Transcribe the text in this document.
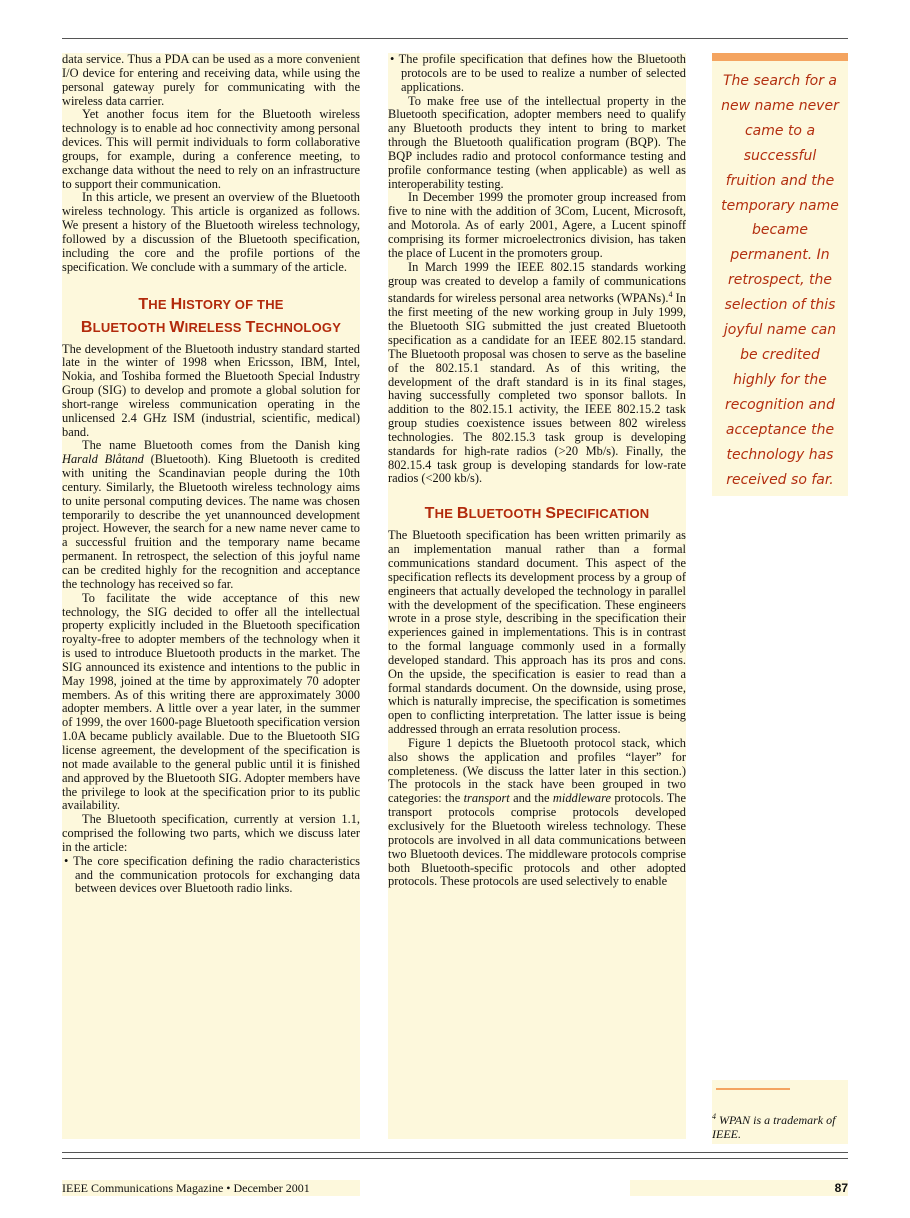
data service. Thus a PDA can be used as a more convenient I/O device for entering and receiving data, while using the personal gateway purely for communicating with the wireless data carrier.

Yet another focus item for the Bluetooth wireless technology is to enable ad hoc connectivity among personal devices. This will permit individuals to form collaborative groups, for example, during a conference meeting, to exchange data without the need to rely on an infrastructure to support their communication.

In this article, we present an overview of the Bluetooth wireless technology. This article is organized as follows. We present a history of the Bluetooth wireless technology, followed by a discussion of the Bluetooth specification, including the core and the profile portions of the specification. We conclude with a summary of the article.

THE HISTORY OF THE
BLUETOOTH WIRELESS TECHNOLOGY

The development of the Bluetooth industry standard started late in the winter of 1998 when Ericsson, IBM, Intel, Nokia, and Toshiba formed the Bluetooth Special Industry Group (SIG) to develop and promote a global solution for short-range wireless communication operating in the unlicensed 2.4 GHz ISM (industrial, scientific, medical) band.

The name Bluetooth comes from the Danish king Harald Blåtand (Bluetooth). King Bluetooth is credited with uniting the Scandinavian people during the 10th century. Similarly, the Bluetooth wireless technology aims to unite personal computing devices. The name was chosen temporarily to describe the yet unannounced development project. However, the search for a new name never came to a successful fruition and the temporary name became permanent. In retrospect, the selection of this joyful name can be credited highly for the recognition and acceptance the technology has received so far.

To facilitate the wide acceptance of this new technology, the SIG decided to offer all the intellectual property explicitly included in the Bluetooth specification royalty-free to adopter members of the technology when it is used to introduce Bluetooth products in the market. The SIG announced its existence and intentions to the public in May 1998, joined at the time by approximately 70 adopter members. As of this writing there are approximately 3000 adopter members. A little over a year later, in the summer of 1999, the over 1600-page Bluetooth specification version 1.0A became publicly available. Due to the Bluetooth SIG license agreement, the development of the specification is not made available to the general public until it is finished and approved by the Bluetooth SIG. Adopter members have the privilege to look at the specification prior to its public availability.

The Bluetooth specification, currently at version 1.1, comprised the following two parts, which we discuss later in the article:

• The core specification defining the radio characteristics and the communication protocols for exchanging data between devices over Bluetooth radio links.

• The profile specification that defines how the Bluetooth protocols are to be used to realize a number of selected applications.

To make free use of the intellectual property in the Bluetooth specification, adopter members need to qualify any Bluetooth products they intent to bring to market through the Bluetooth qualification program (BQP). The BQP includes radio and protocol conformance testing and profile conformance testing (when applicable) as well as interoperability testing.

In December 1999 the promoter group increased from five to nine with the addition of 3Com, Lucent, Microsoft, and Motorola. As of early 2001, Agere, a Lucent spinoff comprising its former microelectronics division, has taken the place of Lucent in the promoters group.

In March 1999 the IEEE 802.15 standards working group was created to develop a family of communications standards for wireless personal area networks (WPANs).$^4$ In the first meeting of the new working group in July 1999, the Bluetooth SIG submitted the just created Bluetooth specification as a candidate for an IEEE 802.15 standard. The Bluetooth proposal was chosen to serve as the baseline of the 802.15.1 standard. As of this writing, the development of the draft standard is in its final stages, having successfully completed two sponsor ballots. In addition to the 802.15.1 activity, the IEEE 802.15.2 task group studies coexistence issues between 802 wireless technologies. The 802.15.3 task group is developing standards for high-rate radios (>20 Mb/s). Finally, the 802.15.4 task group is developing standards for low-rate radios (<200 kb/s).

THE BLUETOOTH SPECIFICATION

The Bluetooth specification has been written primarily as an implementation manual rather than a formal communications standard document. This aspect of the specification reflects its development process by a group of engineers that actually developed the technology in parallel with the development of the specification. These engineers wrote in a prose style, describing in the specification their experiences gained in implementations. This is in contrast to the formal language commonly used in a formally developed standard. This approach has its pros and cons. On the upside, the specification is easier to read than a formal standards document. On the downside, using prose, which is naturally imprecise, the specification is sometimes open to conflicting interpretation. The latter issue is being addressed through an errata resolution process.

Figure 1 depicts the Bluetooth protocol stack, which also shows the application and profiles “layer” for completeness. (We discuss the latter later in this section.) The protocols in the stack have been grouped in two categories: the transport and the middleware protocols. The transport protocols comprise protocols developed exclusively for the Bluetooth wireless technology. These protocols are involved in all data communications between two Bluetooth devices. The middleware protocols comprise both Bluetooth-specific protocols and other adopted protocols. These protocols are used selectively to enable

The search for a new name never came to a successful fruition and the temporary name became permanent. In retrospect, the selection of this joyful name can be credited highly for the recognition and acceptance the technology has received so far.
$^4$ WPAN is a trademark of IEEE.
IEEE Communications Magazine • December 2001	87
